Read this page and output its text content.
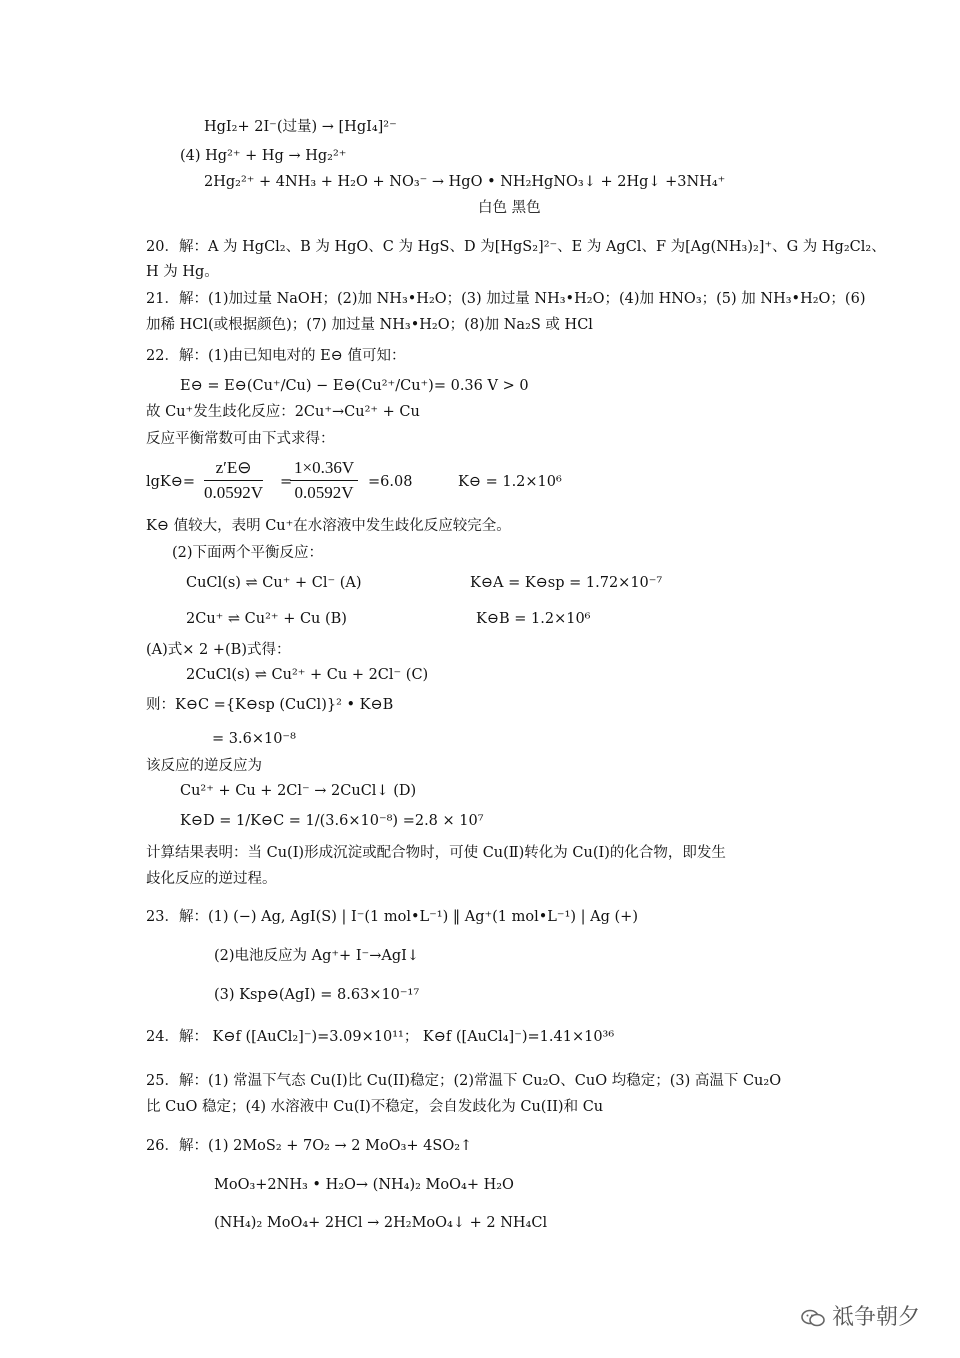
HgI₂+ 2I⁻(过量) → [HgI₄]²⁻
(4) Hg²⁺ + Hg → Hg₂²⁺
2Hg₂²⁺ + 4NH₃ + H₂O + NO₃⁻ → HgO • NH₂HgNO₃↓ + 2Hg↓ +3NH₄⁺
白色 黑色
20．解：A 为 HgCl₂、B 为 HgO、C 为 HgS、D 为[HgS₂]²⁻、E 为 AgCl、F 为[Ag(NH₃)₂]⁺、G 为 Hg₂Cl₂、
H 为 Hg。
21．解：(1)加过量 NaOH；(2)加 NH₃•H₂O；(3) 加过量 NH₃•H₂O；(4)加 HNO₃；(5) 加 NH₃•H₂O；(6)
加稀 HCl(或根据颜色)；(7) 加过量 NH₃•H₂O；(8)加 Na₂S 或 HCl
22．解：(1)由已知电对的 E⊖ 值可知：
E⊖ = E⊖(Cu⁺/Cu) − E⊖(Cu²⁺/Cu⁺)= 0.36 V > 0
故 Cu⁺发生歧化反应：2Cu⁺→Cu²⁺ + Cu
反应平衡常数可由下式求得：
lgK⊖=	=6.08	K⊖ = 1.2×10⁶
K⊖ 值较大，表明 Cu⁺在水溶液中发生歧化反应较完全。
(2)下面两个平衡反应：
CuCl(s) ⇌ Cu⁺ + Cl⁻ (A)	K⊖A = K⊖sp = 1.72×10⁻⁷
2Cu⁺ ⇌ Cu²⁺ + Cu (B)	K⊖B = 1.2×10⁶
(A)式× 2 +(B)式得：
2CuCl(s) ⇌ Cu²⁺ + Cu + 2Cl⁻ (C)
则：K⊖C ={K⊖sp (CuCl)}² • K⊖B
= 3.6×10⁻⁸
该反应的逆反应为
Cu²⁺ + Cu + 2Cl⁻ → 2CuCl↓ (D)
K⊖D = 1/K⊖C = 1/(3.6×10⁻⁸) =2.8 × 10⁷
计算结果表明：当 Cu(Ⅰ)形成沉淀或配合物时，可使 Cu(Ⅱ)转化为 Cu(Ⅰ)的化合物，即发生
歧化反应的逆过程。
23．解：(1) (−) Ag, AgI(S) | I⁻(1 mol•L⁻¹) ‖ Ag⁺(1 mol•L⁻¹) | Ag (+)
(2)电池反应为 Ag⁺+ I⁻→AgI↓
(3) Ksp⊖(AgI) = 8.63×10⁻¹⁷
24．解： K⊖f ([AuCl₂]⁻)=3.09×10¹¹； K⊖f ([AuCl₄]⁻)=1.41×10³⁶
25．解：(1) 常温下气态 Cu(I)比 Cu(II)稳定；(2)常温下 Cu₂O、CuO 均稳定；(3) 高温下 Cu₂O
比 CuO 稳定；(4) 水溶液中 Cu(I)不稳定，会自发歧化为 Cu(II)和 Cu
26．解：(1) 2MoS₂ + 7O₂ → 2 MoO₃+ 4SO₂↑
MoO₃+2NH₃ • H₂O→ (NH₄)₂ MoO₄+ H₂O
(NH₄)₂ MoO₄+ 2HCl → 2H₂MoO₄↓ + 2 NH₄Cl
$\frac{z'E⊖}{0.0592V} \frac{1\times 0.36V}{0.0592V}$
=
祗争朝夕
